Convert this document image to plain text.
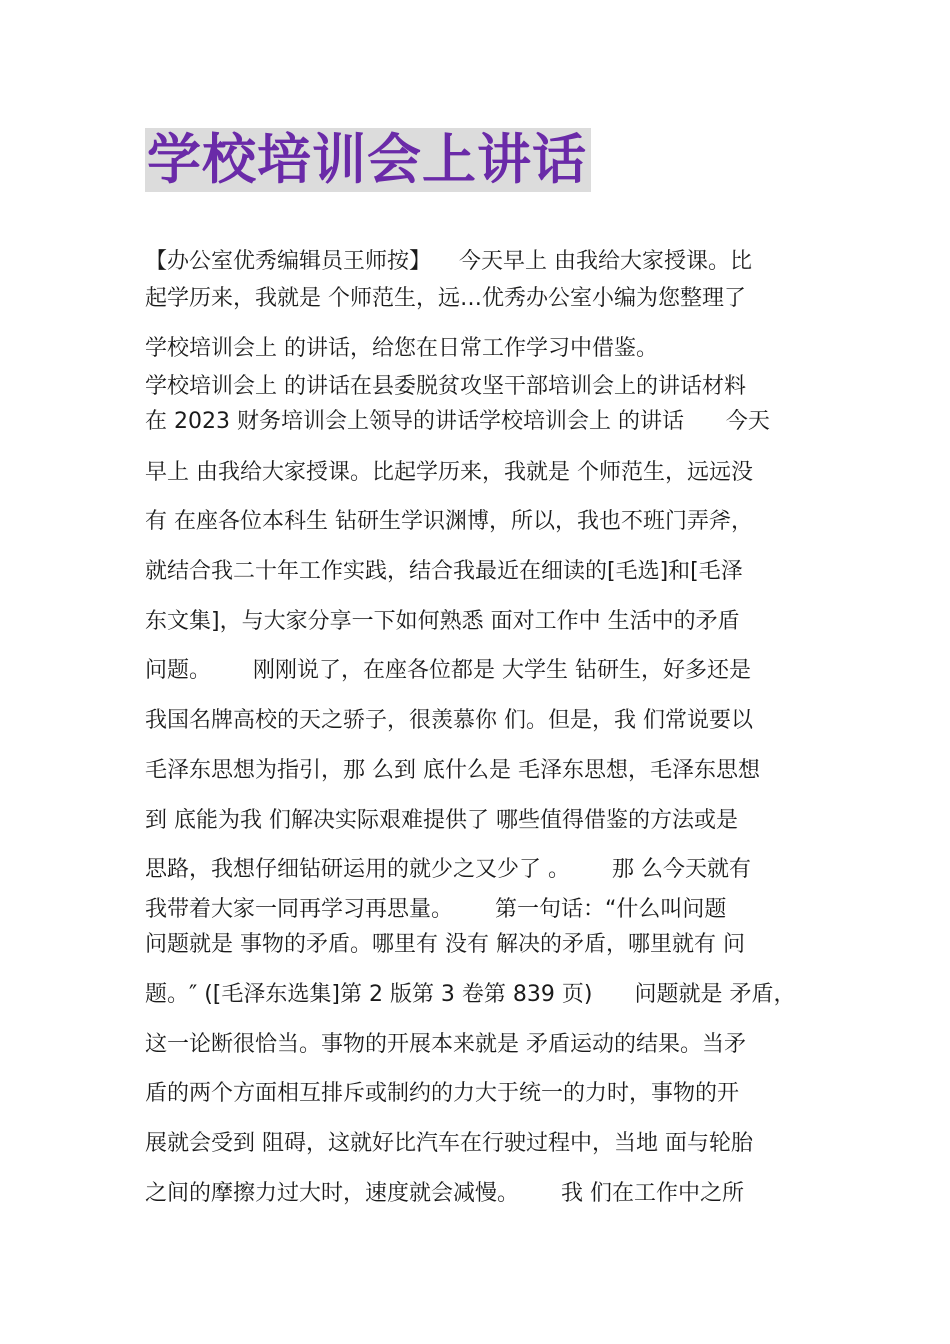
学校培训会上讲话
【办公室优秀编辑员王师按】    今天早上 由我给大家授课。比
起学历来，我就是 个师范生，远…优秀办公室小编为您整理了
学校培训会上 的讲话，给您在日常工作学习中借鉴。
学校培训会上 的讲话在县委脱贫攻坚干部培训会上的讲话材料
在 2023 财务培训会上领导的讲话学校培训会上 的讲话      今天
早上 由我给大家授课。比起学历来，我就是 个师范生，远远没
有 在座各位本科生 钻研生学识渊博，所以，我也不班门弄斧，
就结合我二十年工作实践，结合我最近在细读的[毛选]和[毛泽
东文集]，与大家分享一下如何熟悉 面对工作中 生活中的矛盾
问题。      刚刚说了，在座各位都是 大学生 钻研生，好多还是
我国名牌高校的天之骄子，很羡慕你 们。但是，我 们常说要以
毛泽东思想为指引，那 么到 底什么是 毛泽东思想，毛泽东思想
到 底能为我 们解决实际艰难提供了 哪些值得借鉴的方法或是
思路，我想仔细钻研运用的就少之又少了 。      那 么今天就有
我带着大家一同再学习再思量。      第一句话：“什么叫问题
问题就是 事物的矛盾。哪里有 没有 解决的矛盾，哪里就有 问
题。″ ([毛泽东选集]第 2 版第 3 卷第 839 页)      问题就是 矛盾，
这一论断很恰当。事物的开展本来就是 矛盾运动的结果。当矛
盾的两个方面相互排斥或制约的力大于统一的力时，事物的开
展就会受到 阻碍，这就好比汽车在行驶过程中，当地 面与轮胎
之间的摩擦力过大时，速度就会减慢。      我 们在工作中之所
